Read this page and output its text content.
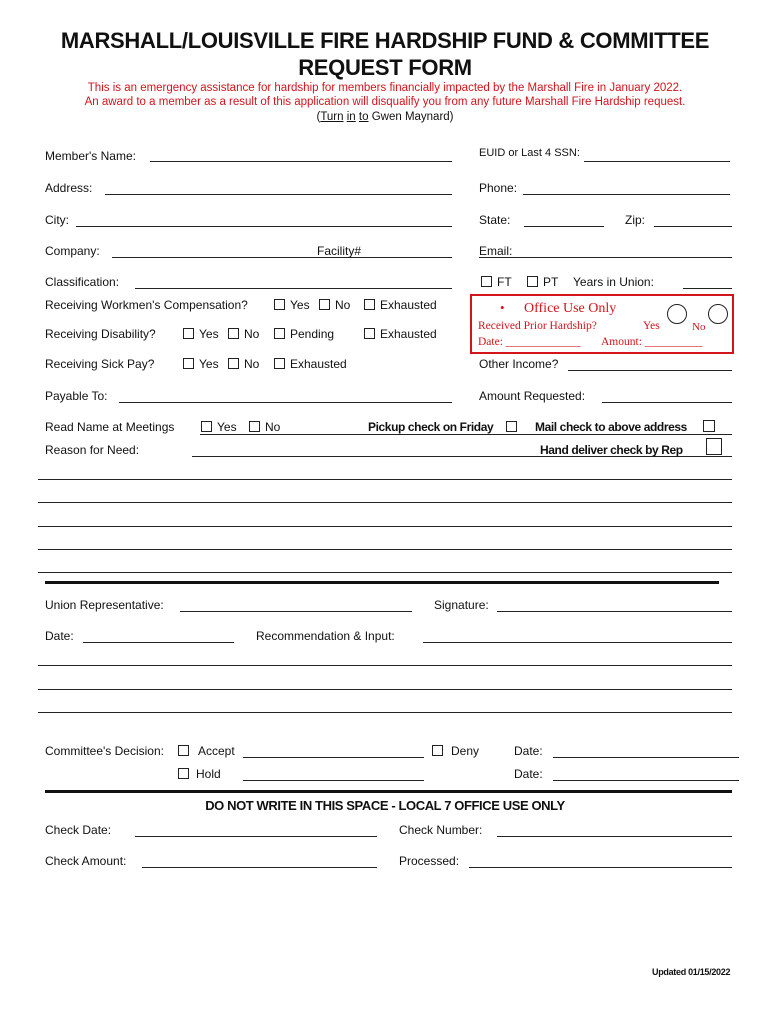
MARSHALL/LOUISVILLE FIRE HARDSHIP FUND & COMMITTEE
REQUEST FORM
This is an emergency assistance for hardship for members financially impacted by the Marshall Fire in January 2022.
An award to a member as a result of this application will disqualify you from any future Marshall Fire Hardship request.
(Turn in to Gwen Maynard)
Member's Name:	EUID or Last 4 SSN:
Address:	Phone:
City:	State:	Zip:
Company:	Facility#	Email:
Classification:	FT	PT Years in Union:
Receiving Workmen's Compensation?	Yes No Exhausted
Receiving Disability?	Yes No	Pending	Exhausted
Receiving Sick Pay?	Yes No	Exhausted
• Office Use Only
Received Prior Hardship?	Yes	No
Date: _____________ Amount: __________
Other Income?
Payable To:	Amount Requested:
Read Name at Meetings	Yes No	Pickup check on Friday	Mail check to above address
Reason for Need:	Hand deliver check by Rep
Union Representative:	Signature:
Date:	Recommendation & Input:
Committee's Decision:	Accept	Deny	Date:
Hold	Date:
DO NOT WRITE IN THIS SPACE - LOCAL 7 OFFICE USE ONLY
Check Date:	Check Number:
Check Amount:	Processed:
Updated 01/15/2022
